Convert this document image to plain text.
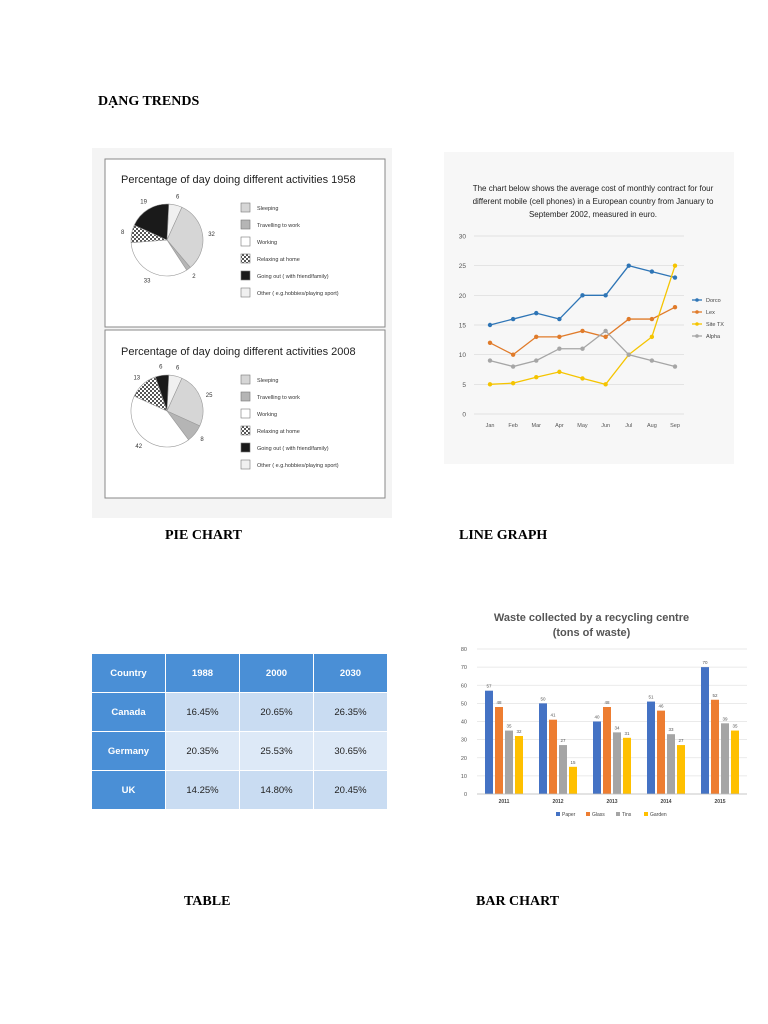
DẠNG TRENDS
Percentage of day doing different activities 1958
6
32
2
33
8
19
Sleeping
Travelling to work
Working
Relaxing at home
Going out ( with friend/family)
Other ( e.g.hobbies/playing sport)
Percentage of day doing different activities 2008
6
25
8
42
13
6
Sleeping
Travelling to work
Working
Relaxing at home
Going out ( with friend/family)
Other ( e.g.hobbies/playing sport)
The chart below shows the average cost of monthly contract for four different mobile (cell phones) in a European country from January to September 2002, measured in euro.
0
5
10
15
20
25
30
Jan	Feb Mar	Apr May Jun	Jul	Aug Sep
Dorco
Lex
Site TX
Alpha
Country	1988	2000	2030
Canada	16.45%	20.65%	26.35%
Germany	20.35%	25.53%	30.65%
UK	14.25%	14.80%	20.45%
Waste collected by a recycling centre
(tons of waste)
0
10
20
30
40
50
60
70
80
57
48
35
32
2011
50
41
27
15
2012
40
48
34
31
2013
51
46
33
27
2014
70
52
39
35
2015
Paper	Glass	Tins	Garden
PIE CHART	LINE GRAPH
TABLE	BAR CHART
